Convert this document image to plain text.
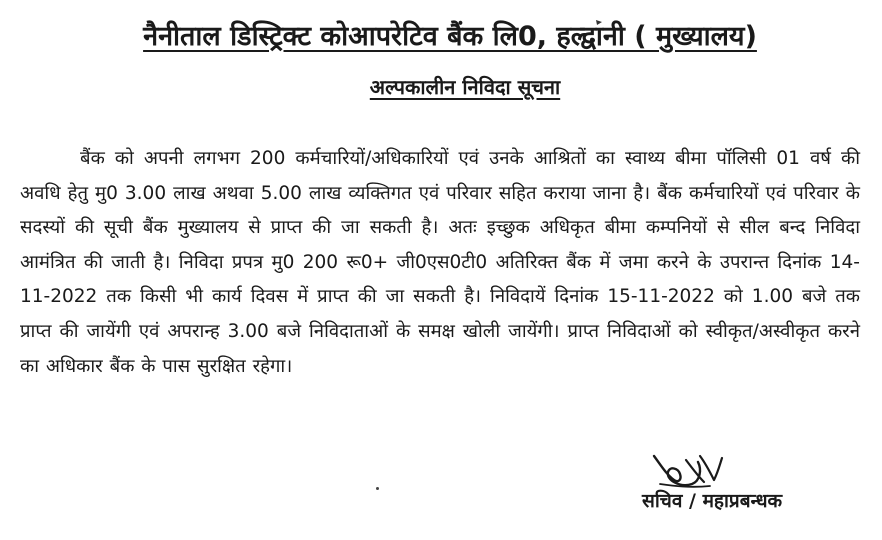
नैनीताल डिस्ट्रिक्ट कोआपरेटिव बैंक लि0, हल्द्वानी ( मुख्यालय)
अल्पकालीन निविदा सूचना
बैंक को अपनी लगभग 200 कर्मचारियों/अधिकारियों एवं उनके आश्रितों का स्वाथ्य बीमा पॉलिसी 01 वर्ष की अवधि हेतु मु0 3.00 लाख अथवा 5.00 लाख व्यक्तिगत एवं परिवार सहित कराया जाना है। बैंक कर्मचारियों एवं परिवार के सदस्यों की सूची बैंक मुख्यालय से प्राप्त की जा सकती है। अतः इच्छुक अधिकृत बीमा कम्पनियों से सील बन्द निविदा आमंत्रित की जाती है। निविदा प्रपत्र मु0 200 रू0+ जी0एस0टी0 अतिरिक्त बैंक में जमा करने के उपरान्त दिनांक 14-11-2022 तक किसी भी कार्य दिवस में प्राप्त की जा सकती है। निविदायें दिनांक 15-11-2022 को 1.00 बजे तक प्राप्त की जायेंगी एवं अपरान्ह 3.00 बजे निविदाताओं के समक्ष खोली जायेंगी। प्राप्त निविदाओं को स्वीकृत/अस्वीकृत करने का अधिकार बैंक के पास सुरक्षित रहेगा।
सचिव / महाप्रबन्धक
